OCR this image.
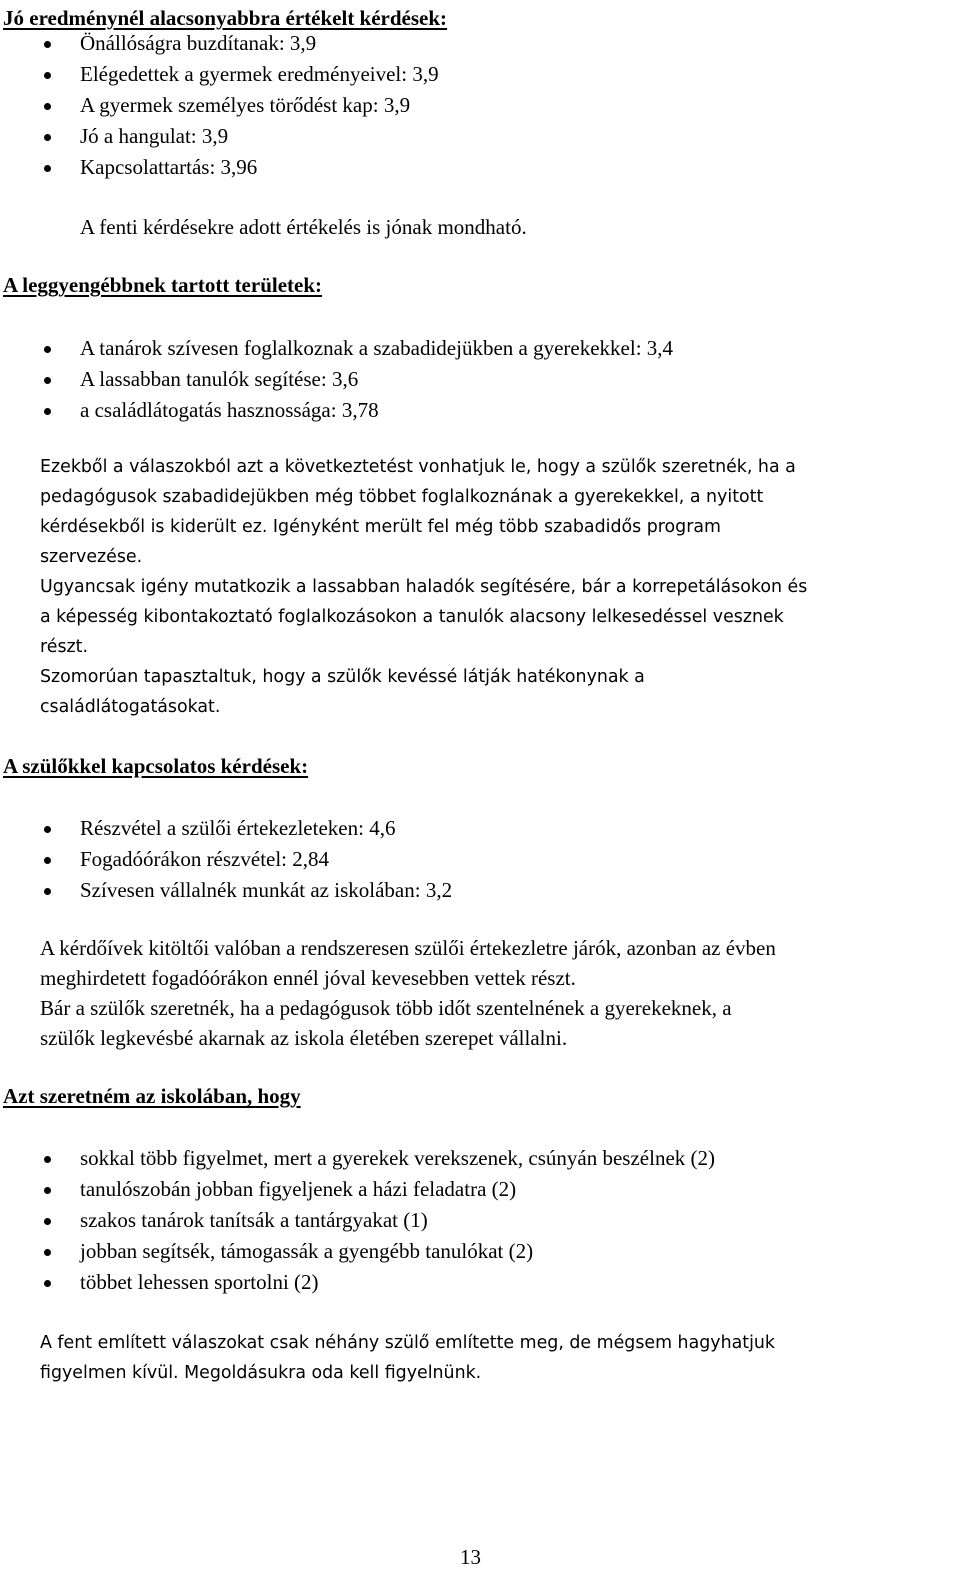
Jó eredménynél alacsonyabbra értékelt kérdések:
Önállóságra buzdítanak: 3,9
Elégedettek a gyermek eredményeivel: 3,9
A gyermek személyes törődést kap: 3,9
Jó a hangulat: 3,9
Kapcsolattartás: 3,96
A fenti kérdésekre adott értékelés is jónak mondható.
A leggyengébbnek tartott területek:
A tanárok szívesen foglalkoznak a szabadidejükben a gyerekekkel: 3,4
A lassabban tanulók segítése: 3,6
a családlátogatás hasznossága: 3,78
Ezekből a válaszokból azt a következtetést vonhatjuk le, hogy a szülők szeretnék, ha a
pedagógusok szabadidejükben még többet foglalkoznának a gyerekekkel, a nyitott
kérdésekből is kiderült ez. Igényként merült fel még több szabadidős program
szervezése.
Ugyancsak igény mutatkozik a lassabban haladók segítésére, bár a korrepetálásokon és
a képesség kibontakoztató foglalkozásokon a tanulók alacsony lelkesedéssel vesznek
részt.
Szomorúan tapasztaltuk, hogy a szülők kevéssé látják hatékonynak a
családlátogatásokat.
A szülőkkel kapcsolatos kérdések:
Részvétel a szülői értekezleteken: 4,6
Fogadóórákon részvétel: 2,84
Szívesen vállalnék munkát az iskolában: 3,2
A kérdőívek kitöltői valóban a rendszeresen szülői értekezletre járók, azonban az évben
meghirdetett fogadóórákon ennél jóval kevesebben vettek részt.
Bár a szülők szeretnék, ha a pedagógusok több időt szentelnének a gyerekeknek, a
szülők legkevésbé akarnak az iskola életében szerepet vállalni.
Azt szeretném az iskolában, hogy
sokkal több figyelmet, mert a gyerekek verekszenek, csúnyán beszélnek (2)
tanulószobán jobban figyeljenek a házi feladatra (2)
szakos tanárok tanítsák a tantárgyakat (1)
jobban segítsék, támogassák a gyengébb tanulókat (2)
többet lehessen sportolni (2)
A fent említett válaszokat csak néhány szülő említette meg, de mégsem hagyhatjuk
figyelmen kívül. Megoldásukra oda kell figyelnünk.
13
